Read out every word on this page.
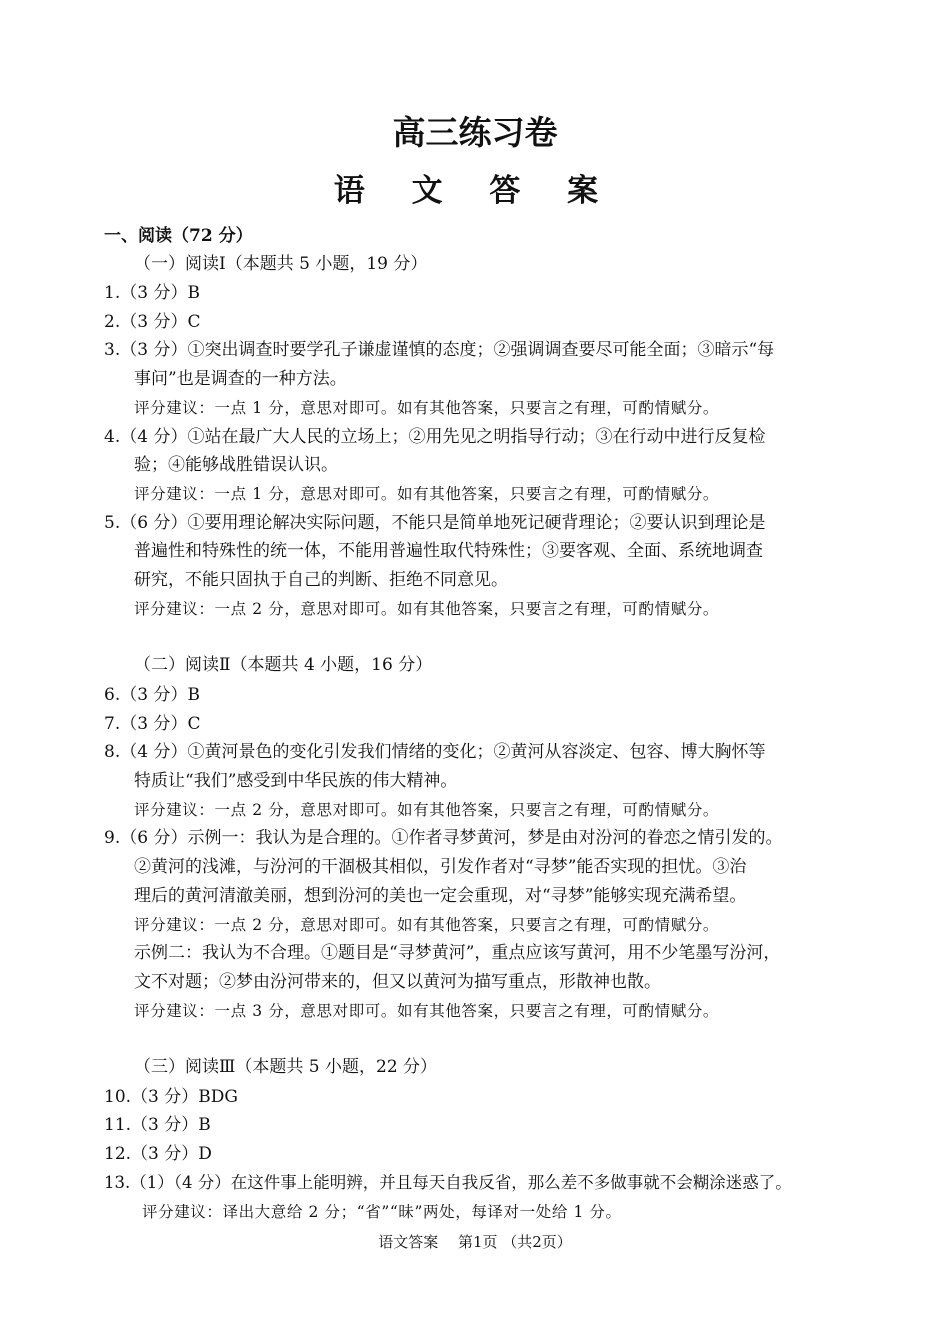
高三练习卷
语 文 答 案
一、阅读（72 分）
（一）阅读Ⅰ（本题共 5 小题，19 分）
1.（3 分）B
2.（3 分）C
3.（3 分）①突出调查时要学孔子谦虚谨慎的态度；②强调调查要尽可能全面；③暗示“每
事问”也是调查的一种方法。
评分建议：一点 1 分，意思对即可。如有其他答案，只要言之有理，可酌情赋分。
4.（4 分）①站在最广大人民的立场上；②用先见之明指导行动；③在行动中进行反复检
验；④能够战胜错误认识。
评分建议：一点 1 分，意思对即可。如有其他答案，只要言之有理，可酌情赋分。
5.（6 分）①要用理论解决实际问题，不能只是简单地死记硬背理论；②要认识到理论是
普遍性和特殊性的统一体，不能用普遍性取代特殊性；③要客观、全面、系统地调查
研究，不能只固执于自己的判断、拒绝不同意见。
评分建议：一点 2 分，意思对即可。如有其他答案，只要言之有理，可酌情赋分。
（二）阅读Ⅱ（本题共 4 小题，16 分）
6.（3 分）B
7.（3 分）C
8.（4 分）①黄河景色的变化引发我们情绪的变化；②黄河从容淡定、包容、博大胸怀等
特质让“我们”感受到中华民族的伟大精神。
评分建议：一点 2 分，意思对即可。如有其他答案，只要言之有理，可酌情赋分。
9.（6 分）示例一：我认为是合理的。①作者寻梦黄河，梦是由对汾河的眷恋之情引发的。
②黄河的浅滩，与汾河的干涸极其相似，引发作者对“寻梦”能否实现的担忧。③治
理后的黄河清澈美丽，想到汾河的美也一定会重现，对“寻梦”能够实现充满希望。
评分建议：一点 2 分，意思对即可。如有其他答案，只要言之有理，可酌情赋分。
示例二：我认为不合理。①题目是“寻梦黄河”，重点应该写黄河，用不少笔墨写汾河，
文不对题；②梦由汾河带来的，但又以黄河为描写重点，形散神也散。
评分建议：一点 3 分，意思对即可。如有其他答案，只要言之有理，可酌情赋分。
（三）阅读Ⅲ（本题共 5 小题，22 分）
10.（3 分）BDG
11.（3 分）B
12.（3 分）D
13.（1）（4 分）在这件事上能明辨，并且每天自我反省，那么差不多做事就不会糊涂迷惑了。
评分建议：译出大意给 2 分；“省”“昧”两处，每译对一处给 1 分。
语文答案　 第1页 （共2页）
